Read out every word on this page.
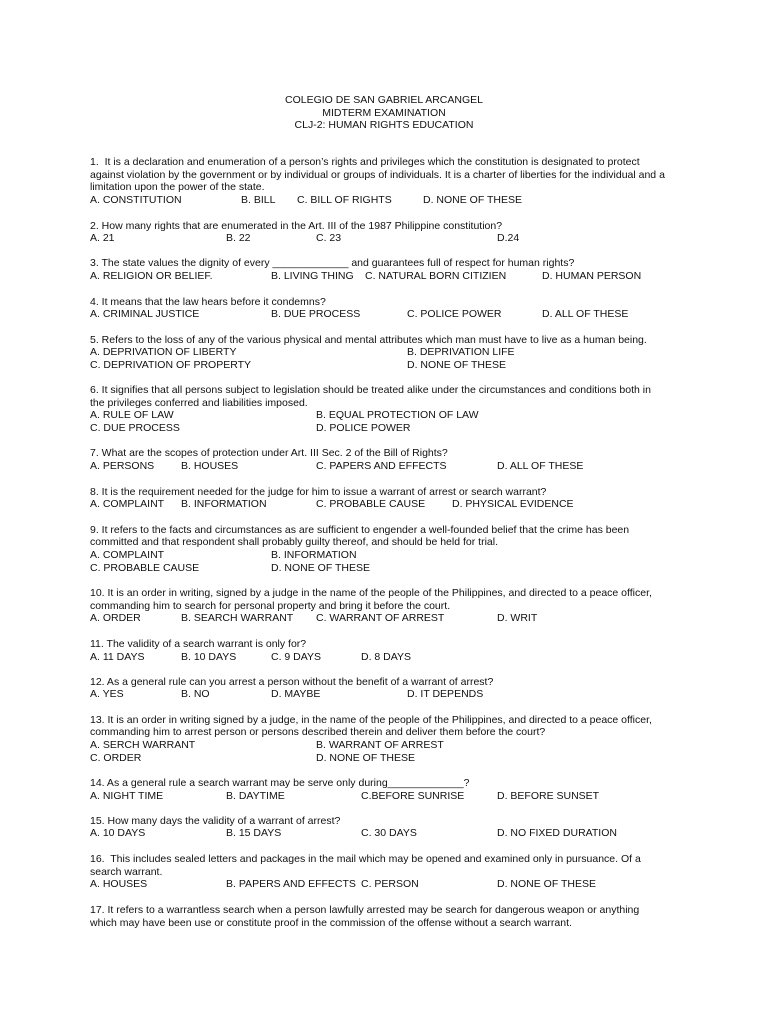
COLEGIO DE SAN GABRIEL ARCANGEL
MIDTERM EXAMINATION
CLJ-2: HUMAN RIGHTS EDUCATION
1.  It is a declaration and enumeration of a person’s rights and privileges which the constitution is designated to protect
against violation by the government or by individual or groups of individuals. It is a charter of liberties for the individual and a
limitation upon the power of the state.
A. CONSTITUTION	B. BILL C. BILL OF RIGHTS	D. NONE OF THESE
2. How many rights that are enumerated in the Art. III of the 1987 Philippine constitution?
A. 21	B. 22	C. 23	D.24
3. The state values the dignity of every _____________ and guarantees full of respect for human rights?
A. RELIGION OR BELIEF.	B. LIVING THING C. NATURAL BORN CITIZIEN	D. HUMAN PERSON
4. It means that the law hears before it condemns?
A. CRIMINAL JUSTICE	B. DUE PROCESS	C. POLICE POWER	D. ALL OF THESE
5. Refers to the loss of any of the various physical and mental attributes which man must have to live as a human being.
A. DEPRIVATION OF LIBERTY	B. DEPRIVATION LIFE
C. DEPRIVATION OF PROPERTY	D. NONE OF THESE
6. It signifies that all persons subject to legislation should be treated alike under the circumstances and conditions both in
the privileges conferred and liabilities imposed.
A. RULE OF LAW	B. EQUAL PROTECTION OF LAW
C. DUE PROCESS	D. POLICE POWER
7. What are the scopes of protection under Art. III Sec. 2 of the Bill of Rights?
A. PERSONS	B. HOUSES	C. PAPERS AND EFFECTS	D. ALL OF THESE
8. It is the requirement needed for the judge for him to issue a warrant of arrest or search warrant?
A. COMPLAINT B. INFORMATION	C. PROBABLE CAUSE	D. PHYSICAL EVIDENCE
9. It refers to the facts and circumstances as are sufficient to engender a well-founded belief that the crime has been
committed and that respondent shall probably guilty thereof, and should be held for trial.
A. COMPLAINT	B. INFORMATION
C. PROBABLE CAUSE	D. NONE OF THESE
10. It is an order in writing, signed by a judge in the name of the people of the Philippines, and directed to a peace officer,
commanding him to search for personal property and bring it before the court.
A. ORDER	B. SEARCH WARRANT C. WARRANT OF ARREST	D. WRIT
11. The validity of a search warrant is only for?
A. 11 DAYS	B. 10 DAYS	C. 9 DAYS	D. 8 DAYS
12. As a general rule can you arrest a person without the benefit of a warrant of arrest?
A. YES	B. NO	D. MAYBE	D. IT DEPENDS
13. It is an order in writing signed by a judge, in the name of the people of the Philippines, and directed to a peace officer,
commanding him to arrest person or persons described therein and deliver them before the court?
A. SERCH WARRANT	B. WARRANT OF ARREST
C. ORDER	D. NONE OF THESE
14. As a general rule a search warrant may be serve only during_____________?
A. NIGHT TIME	B. DAYTIME	C.BEFORE SUNRISE	D. BEFORE SUNSET
15. How many days the validity of a warrant of arrest?
A. 10 DAYS	B. 15 DAYS	C. 30 DAYS	D. NO FIXED DURATION
16.  This includes sealed letters and packages in the mail which may be opened and examined only in pursuance. Of a
search warrant.
A. HOUSES	B. PAPERS AND EFFECTS C. PERSON	D. NONE OF THESE
17. It refers to a warrantless search when a person lawfully arrested may be search for dangerous weapon or anything
which may have been use or constitute proof in the commission of the offense without a search warrant.
